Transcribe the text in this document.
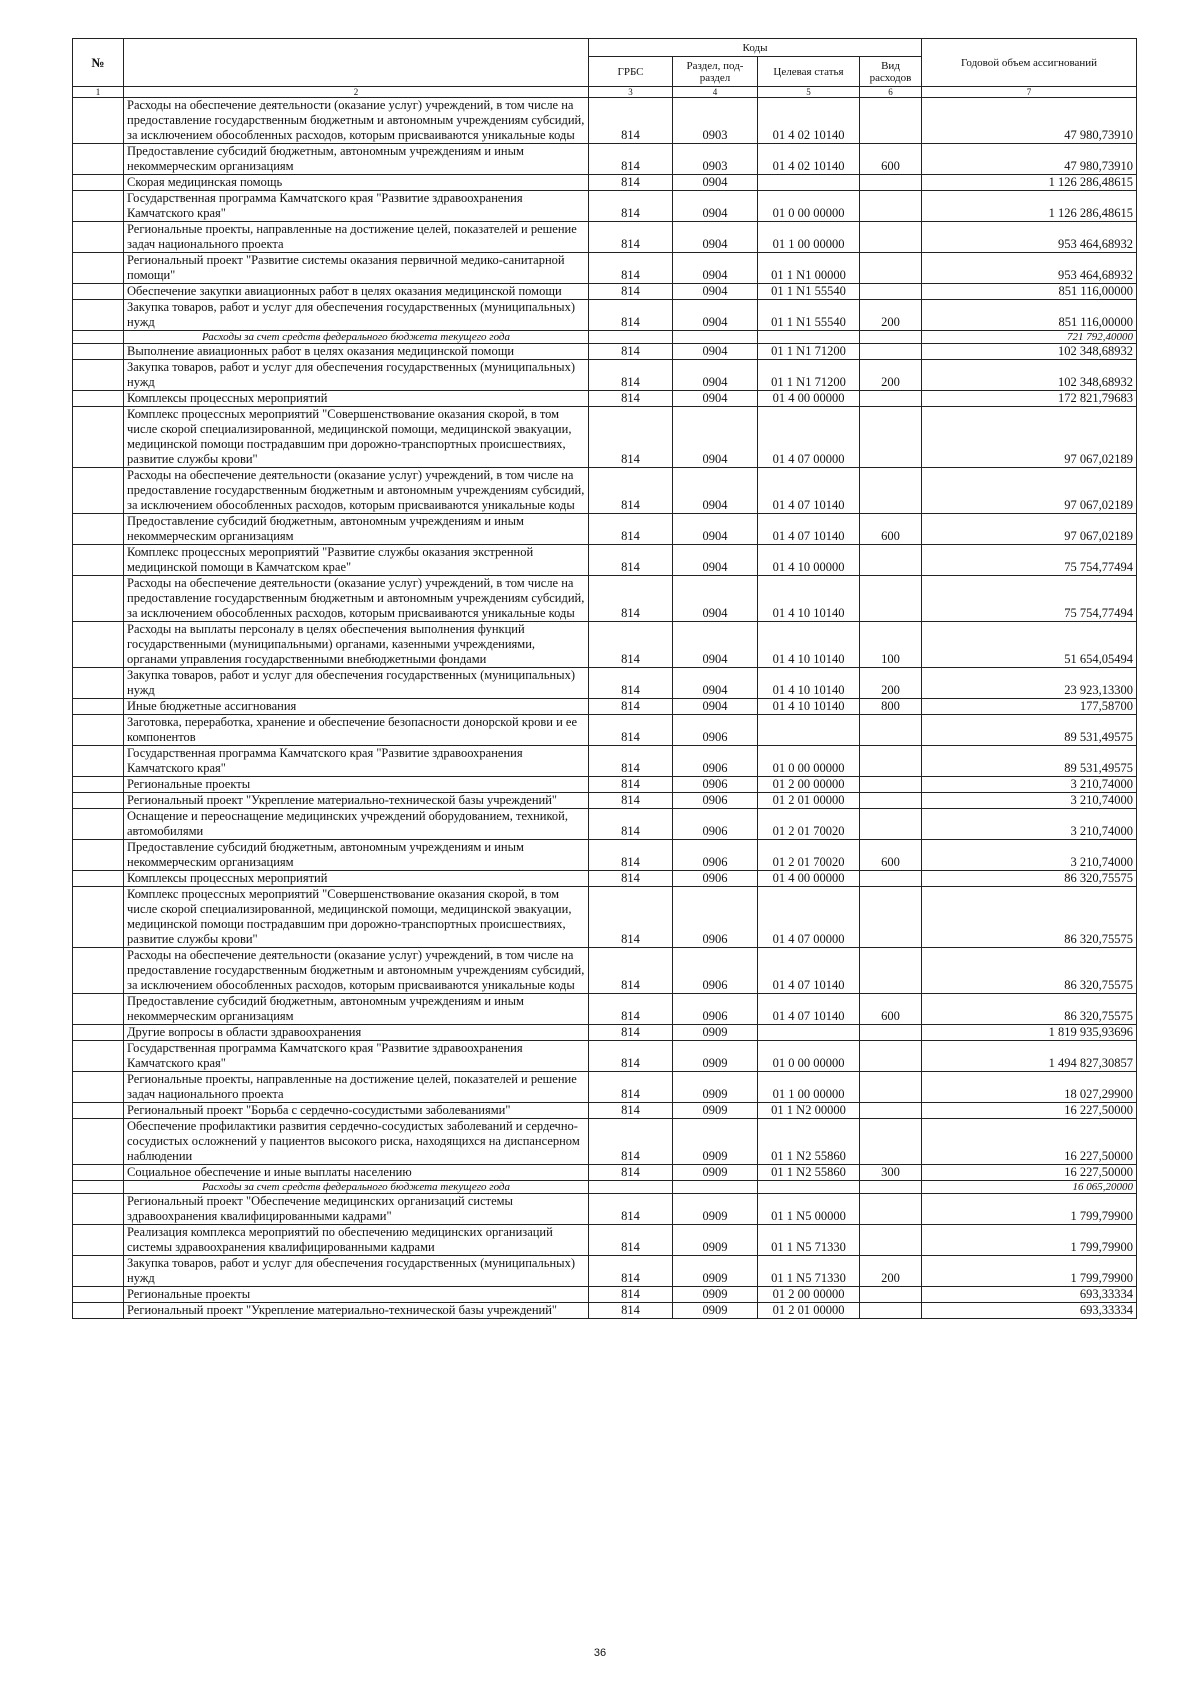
№		Коды				Годовой объем ассигнований
		ГРБС	Раздел, под-раздел	Целевая статья	Вид расходов	
1	2	3	4	5	6	7
	Расходы на обеспечение деятельности (оказание услуг) учреждений, в том числе на предоставление государственным бюджетным и автономным учреждениям субсидий, за исключением обособленных расходов, которым присваиваются уникальные коды	814	0903	01 4 02 10140		47 980,73910
	Предоставление субсидий бюджетным, автономным учреждениям и иным некоммерческим организациям	814	0903	01 4 02 10140	600	47 980,73910
	Скорая медицинская помощь	814	0904			1 126 286,48615
	Государственная программа Камчатского края "Развитие здравоохранения Камчатского края"	814	0904	01 0 00 00000		1 126 286,48615
	Региональные проекты, направленные на достижение целей, показателей и решение задач национального проекта	814	0904	01 1 00 00000		953 464,68932
	Региональный проект "Развитие системы оказания первичной медико-санитарной помощи"	814	0904	01 1 N1 00000		953 464,68932
	Обеспечение закупки авиационных работ в целях оказания медицинской помощи	814	0904	01 1 N1 55540		851 116,00000
	Закупка товаров, работ и услуг для обеспечения государственных (муниципальных) нужд	814	0904	01 1 N1 55540	200	851 116,00000
	Расходы за счет средств федерального бюджета текущего года					721 792,40000
	Выполнение авиационных работ в целях оказания медицинской помощи	814	0904	01 1 N1 71200		102 348,68932
	Закупка товаров, работ и услуг для обеспечения государственных (муниципальных) нужд	814	0904	01 1 N1 71200	200	102 348,68932
	Комплексы процессных мероприятий	814	0904	01 4 00 00000		172 821,79683
	Комплекс процессных мероприятий "Совершенствование оказания скорой, в том числе скорой специализированной, медицинской помощи, медицинской эвакуации, медицинской помощи пострадавшим при дорожно-транспортных происшествиях, развитие службы крови"	814	0904	01 4 07 00000		97 067,02189
	Расходы на обеспечение деятельности (оказание услуг) учреждений, в том числе на предоставление государственным бюджетным и автономным учреждениям субсидий, за исключением обособленных расходов, которым присваиваются уникальные коды	814	0904	01 4 07 10140		97 067,02189
	Предоставление субсидий бюджетным, автономным учреждениям и иным некоммерческим организациям	814	0904	01 4 07 10140	600	97 067,02189
	Комплекс процессных мероприятий "Развитие службы оказания экстренной медицинской помощи в Камчатском крае"	814	0904	01 4 10 00000		75 754,77494
	Расходы на обеспечение деятельности (оказание услуг) учреждений, в том числе на предоставление государственным бюджетным и автономным учреждениям субсидий, за исключением обособленных расходов, которым присваиваются уникальные коды	814	0904	01 4 10 10140		75 754,77494
	Расходы на выплаты персоналу в целях обеспечения выполнения функций государственными (муниципальными) органами, казенными учреждениями, органами управления государственными внебюджетными фондами	814	0904	01 4 10 10140	100	51 654,05494
	Закупка товаров, работ и услуг для обеспечения государственных (муниципальных) нужд	814	0904	01 4 10 10140	200	23 923,13300
	Иные бюджетные ассигнования	814	0904	01 4 10 10140	800	177,58700
	Заготовка, переработка, хранение и обеспечение безопасности донорской крови и ее компонентов	814	0906			89 531,49575
	Государственная программа Камчатского края "Развитие здравоохранения Камчатского края"	814	0906	01 0 00 00000		89 531,49575
	Региональные проекты	814	0906	01 2 00 00000		3 210,74000
	Региональный проект "Укрепление материально-технической базы учреждений"	814	0906	01 2 01 00000		3 210,74000
	Оснащение и переоснащение медицинских учреждений оборудованием, техникой, автомобилями	814	0906	01 2 01 70020		3 210,74000
	Предоставление субсидий бюджетным, автономным учреждениям и иным некоммерческим организациям	814	0906	01 2 01 70020	600	3 210,74000
	Комплексы процессных мероприятий	814	0906	01 4 00 00000		86 320,75575
	Комплекс процессных мероприятий "Совершенствование оказания скорой, в том числе скорой специализированной, медицинской помощи, медицинской эвакуации, медицинской помощи пострадавшим при дорожно-транспортных происшествиях, развитие службы крови"	814	0906	01 4 07 00000		86 320,75575
	Расходы на обеспечение деятельности (оказание услуг) учреждений, в том числе на предоставление государственным бюджетным и автономным учреждениям субсидий, за исключением обособленных расходов, которым присваиваются уникальные коды	814	0906	01 4 07 10140		86 320,75575
	Предоставление субсидий бюджетным, автономным учреждениям и иным некоммерческим организациям	814	0906	01 4 07 10140	600	86 320,75575
	Другие вопросы в области здравоохранения	814	0909			1 819 935,93696
	Государственная программа Камчатского края "Развитие здравоохранения Камчатского края"	814	0909	01 0 00 00000		1 494 827,30857
	Региональные проекты, направленные на достижение целей, показателей и решение задач национального проекта	814	0909	01 1 00 00000		18 027,29900
	Региональный проект "Борьба с сердечно-сосудистыми заболеваниями"	814	0909	01 1 N2 00000		16 227,50000
	Обеспечение профилактики развития сердечно-сосудистых заболеваний и сердечно-сосудистых осложнений у пациентов высокого риска, находящихся на диспансерном наблюдении	814	0909	01 1 N2 55860		16 227,50000
	Социальное обеспечение и иные выплаты населению	814	0909	01 1 N2 55860	300	16 227,50000
	Расходы за счет средств федерального бюджета текущего года					16 065,20000
	Региональный проект "Обеспечение медицинских организаций системы здравоохранения квалифицированными кадрами"	814	0909	01 1 N5 00000		1 799,79900
	Реализация комплекса мероприятий по обеспечению медицинских организаций системы здравоохранения квалифицированными кадрами	814	0909	01 1 N5 71330		1 799,79900
	Закупка товаров, работ и услуг для обеспечения государственных (муниципальных) нужд	814	0909	01 1 N5 71330	200	1 799,79900
	Региональные проекты	814	0909	01 2 00 00000		693,33334
	Региональный проект "Укрепление материально-технической базы учреждений"	814	0909	01 2 01 00000		693,33334
36
